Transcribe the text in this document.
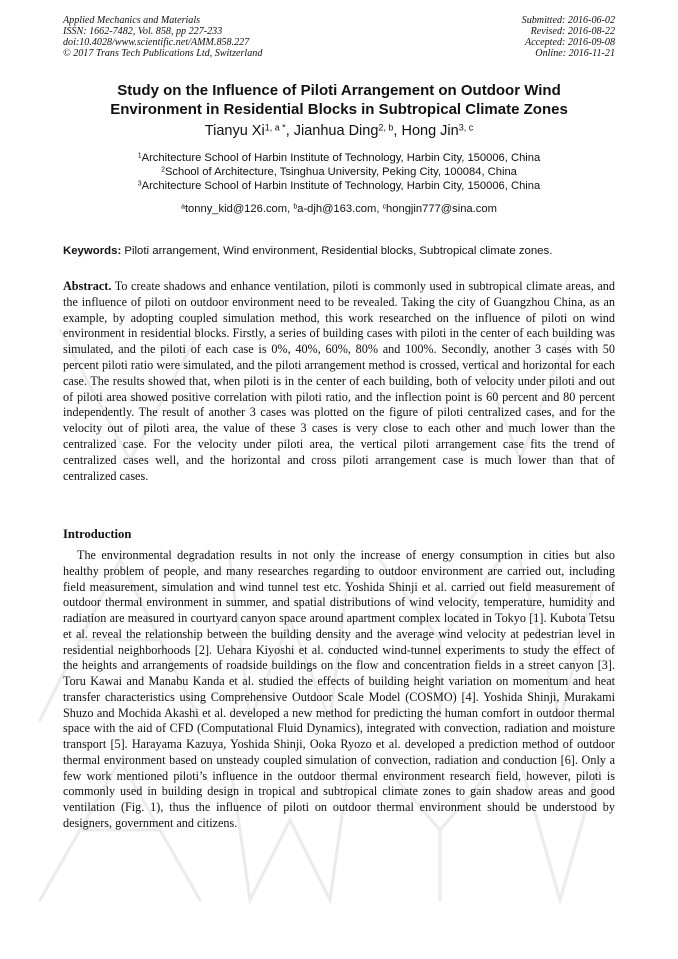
Applied Mechanics and Materials
ISSN: 1662-7482, Vol. 858, pp 227-233
doi:10.4028/www.scientific.net/AMM.858.227
© 2017 Trans Tech Publications Ltd, Switzerland
Submitted: 2016-06-02
Revised: 2016-08-22
Accepted: 2016-09-08
Online: 2016-11-21
Study on the Influence of Piloti Arrangement on Outdoor Wind
Environment in Residential Blocks in Subtropical Climate Zones
Tianyu $Xi^{1, a *}$, Jianhua Ding$^{2, b}$, Hong Jin$^{3, c}$
$^1$Architecture School of Harbin Institute of Technology, Harbin City, 150006, China
$^2$School of Architecture, Tsinghua University, Peking City, 100084, China
$^3$Architecture School of Harbin Institute of Technology, Harbin City, 150006, China
$^a$tonny_kid@126.com, $^b$a-djh@163.com, $^c$hongjin777@sina.com
Keywords: Piloti arrangement, Wind environment, Residential blocks, Subtropical climate zones.
Abstract. To create shadows and enhance ventilation, piloti is commonly used in subtropical climate areas, and the influence of piloti on outdoor environment need to be revealed. Taking the city of Guangzhou China, as an example, by adopting coupled simulation method, this work researched on the influence of piloti on wind environment in residential blocks. Firstly, a series of building cases with piloti in the center of each building was simulated, and the piloti of each case is 0%, 40%, 60%, 80% and 100%. Secondly, another 3 cases with 50 percent piloti ratio were simulated, and the piloti arrangement method is crossed, vertical and horizontal for each case. The results showed that, when piloti is in the center of each building, both of velocity under piloti and out of piloti area showed positive correlation with piloti ratio, and the inflection point is 60 percent and 80 percent independently. The result of another 3 cases was plotted on the figure of piloti centralized cases, and for the velocity out of piloti area, the value of these 3 cases is very close to each other and much lower than the centralized case. For the velocity under piloti area, the vertical piloti arrangement case fits the trend of centralized cases well, and the horizontal and cross piloti arrangement case is much lower than that of centralized cases.
Introduction
The environmental degradation results in not only the increase of energy consumption in cities but also healthy problem of people, and many researches regarding to outdoor environment are carried out, including field measurement, simulation and wind tunnel test etc. Yoshida Shinji et al. carried out field measurement of outdoor thermal environment in summer, and spatial distributions of wind velocity, temperature, humidity and radiation are measured in courtyard canyon space around apartment complex located in Tokyo [1]. Kubota Tetsu et al. reveal the relationship between the building density and the average wind velocity at pedestrian level in residential neighborhoods [2]. Uehara Kiyoshi et al. conducted wind-tunnel experiments to study the effect of the heights and arrangements of roadside buildings on the flow and concentration fields in a street canyon [3]. Toru Kawai and Manabu Kanda et al. studied the effects of building height variation on momentum and heat transfer characteristics using Comprehensive Outdoor Scale Model (COSMO) [4]. Yoshida Shinji, Murakami Shuzo and Mochida Akashi et al. developed a new method for predicting the human comfort in outdoor thermal space with the aid of CFD (Computational Fluid Dynamics), integrated with convection, radiation and moisture transport [5]. Harayama Kazuya, Yoshida Shinji, Ooka Ryozo et al. developed a prediction method of outdoor thermal environment based on unsteady coupled simulation of convection, radiation and conduction [6]. Only a few work mentioned piloti’s influence in the outdoor thermal environment research field, however, piloti is commonly used in building design in tropical and subtropical climate zones to gain shadow areas and good ventilation (Fig. 1), thus the influence of piloti on outdoor thermal environment should be understood by designers, government and citizens.
